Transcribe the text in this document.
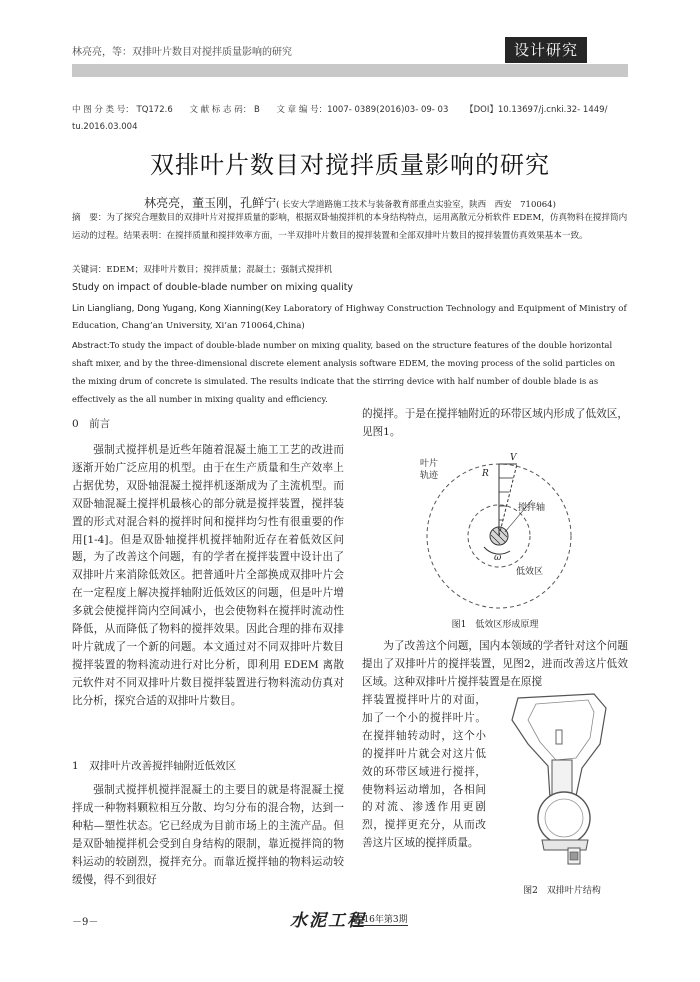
林亮亮，等：双排叶片数目对搅拌质量影响的研究	设计研究
中 图 分 类 号： TQ172.6 文 献 标 志 码： B 文 章 编 号：1007- 0389(2016)03- 09- 03 【DOI】10.13697/j.cnki.32- 1449/
tu.2016.03.004
双排叶片数目对搅拌质量影响的研究
林亮亮，董玉刚，孔鲜宁( 长安大学道路施工技术与装备教育部重点实验室，陕西　西安　710064)
摘　要：为了探究合理数目的双排叶片对搅拌质量的影响，根据双卧轴搅拌机的本身结构特点，运用离散元分析软件 EDEM，仿真物料在搅拌筒内运动的过程。结果表明：在搅拌质量和搅拌效率方面，一半双排叶片数目的搅拌装置和全部双排叶片数目的搅拌装置仿真效果基本一致。
关键词：EDEM；双排叶片数目；搅拌质量；混凝土；强制式搅拌机
Study on impact of double-blade number on mixing quality
Lin Liangliang, Dong Yugang, Kong Xianning(Key Laboratory of Highway Construction Technology and Equipment of Ministry of Education, Chang’an University, Xi’an 710064,China)
Abstract:To study the impact of double-blade number on mixing quality, based on the structure features of the double horizontal shaft mixer, and by the three-dimensional discrete element analysis software EDEM, the moving process of the solid particles on the mixing drum of concrete is simulated. The results indicate that the stirring device with half number of double blade is as effectively as the all number in mixing quality and efficiency.
0　前言

强制式搅拌机是近些年随着混凝土施工工艺的改进而逐渐开始广泛应用的机型。由于在生产质量和生产效率上占据优势，双卧轴混凝土搅拌机逐渐成为了主流机型。而双卧轴混凝土搅拌机最核心的部分就是搅拌装置，搅拌装置的形式对混合料的搅拌时间和搅拌均匀性有很重要的作用[1-4]。但是双卧轴搅拌机搅拌轴附近存在着低效区问题，为了改善这个问题，有的学者在搅拌装置中设计出了双排叶片来消除低效区。把普通叶片全部换成双排叶片会在一定程度上解决搅拌轴附近低效区的问题，但是叶片增多就会使搅拌筒内空间减小，也会使物料在搅拌时流动性降低，从而降低了物料的搅拌效果。因此合理的排布双排叶片就成了一个新的问题。本文通过对不同双排叶片数目搅拌装置的物料流动进行对比分析，即利用 EDEM 离散元软件对不同双排叶片数目搅拌装置进行物料流动仿真对比分析，探究合适的双排叶片数目。

1　双排叶片改善搅拌轴附近低效区

强制式搅拌机搅拌混凝土的主要目的就是将混凝土搅拌成一种物料颗粒相互分散、均匀分布的混合物，达到一种粘—塑性状态。它已经成为目前市场上的主流产品。但是双卧轴搅拌机会受到自身结构的限制，靠近搅拌筒的物料运动的较剧烈，搅拌充分。而靠近搅拌轴的物料运动较缓慢，得不到很好

的搅拌。于是在搅拌轴附近的环带区域内形成了低效区，见图1。
叶片
轨迹
V
R
搅拌轴
ω
低效区
图1　低效区形成原理

为了改善这个问题，国内本领域的学者针对这个问题提出了双排叶片的搅拌装置，见图2，进而改善这片低效区域。这种双排叶片搅拌装置是在原搅

拌装置搅拌叶片的对面，加了一个小的搅拌叶片。在搅拌轴转动时，这个小的搅拌叶片就会对这片低效的环带区域进行搅拌，使物料运动增加，各相间的对流、渗透作用更剧烈，搅拌更充分，从而改善这片区域的搅拌质量。
图2　双排叶片结构
－9－	水泥工程
2016年第3期
